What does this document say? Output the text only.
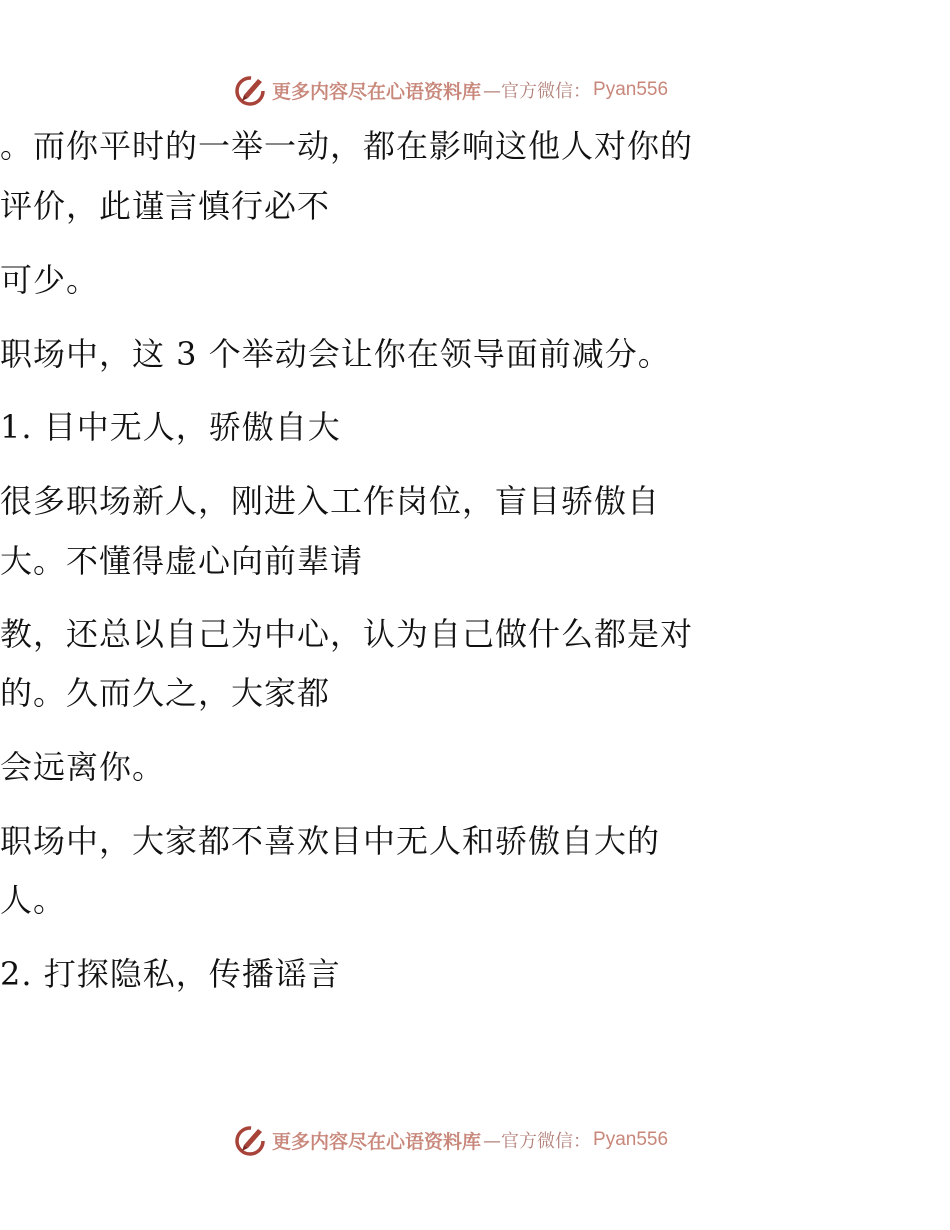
更多内容尽在心语资料库 —官方微信： Pyan556
。而你平时的一举一动，都在影响这他人对你的
评价，此谨言慎行必不
可少。
职场中，这 3 个举动会让你在领导面前减分。
1. 目中无人，骄傲自大
很多职场新人，刚进入工作岗位，盲目骄傲自
大。不懂得虚心向前辈请
教，还总以自己为中心，认为自己做什么都是对
的。久而久之，大家都
会远离你。
职场中，大家都不喜欢目中无人和骄傲自大的
人。
2. 打探隐私，传播谣言
更多内容尽在心语资料库 —官方微信： Pyan556
